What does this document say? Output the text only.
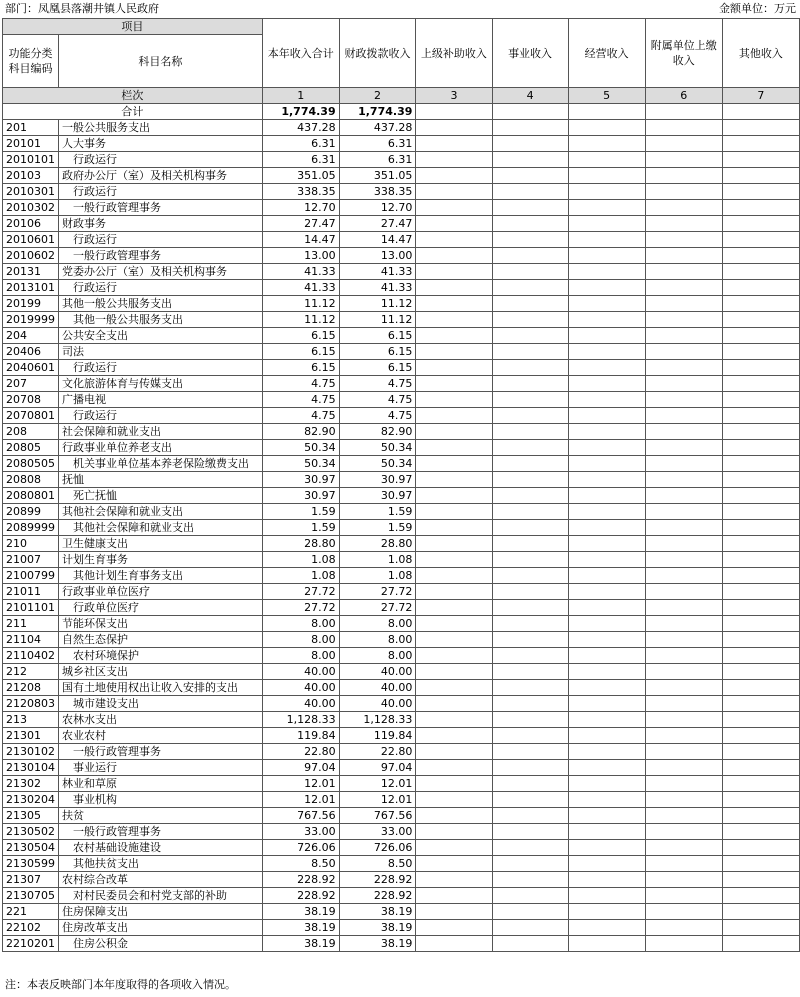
部门：凤凰县落潮井镇人民政府	金额单位：万元
项目		本年收入合计	财政拨款收入	上级补助收入	事业收入	经营收入	附属单位上缴收入	其他收入
功能分类科目编码	科目名称							
栏次		1	2	3	4	5	6	7
合计		1,774.39	1,774.39					
201	一般公共服务支出	437.28	437.28					
20101	人大事务	6.31	6.31					
2010101	行政运行	6.31	6.31					
20103	政府办公厅（室）及相关机构事务	351.05	351.05					
2010301	行政运行	338.35	338.35					
2010302	一般行政管理事务	12.70	12.70					
20106	财政事务	27.47	27.47					
2010601	行政运行	14.47	14.47					
2010602	一般行政管理事务	13.00	13.00					
20131	党委办公厅（室）及相关机构事务	41.33	41.33					
2013101	行政运行	41.33	41.33					
20199	其他一般公共服务支出	11.12	11.12					
2019999	其他一般公共服务支出	11.12	11.12					
204	公共安全支出	6.15	6.15					
20406	司法	6.15	6.15					
2040601	行政运行	6.15	6.15					
207	文化旅游体育与传媒支出	4.75	4.75					
20708	广播电视	4.75	4.75					
2070801	行政运行	4.75	4.75					
208	社会保障和就业支出	82.90	82.90					
20805	行政事业单位养老支出	50.34	50.34					
2080505	机关事业单位基本养老保险缴费支出	50.34	50.34					
20808	抚恤	30.97	30.97					
2080801	死亡抚恤	30.97	30.97					
20899	其他社会保障和就业支出	1.59	1.59					
2089999	其他社会保障和就业支出	1.59	1.59					
210	卫生健康支出	28.80	28.80					
21007	计划生育事务	1.08	1.08					
2100799	其他计划生育事务支出	1.08	1.08					
21011	行政事业单位医疗	27.72	27.72					
2101101	行政单位医疗	27.72	27.72					
211	节能环保支出	8.00	8.00					
21104	自然生态保护	8.00	8.00					
2110402	农村环境保护	8.00	8.00					
212	城乡社区支出	40.00	40.00					
21208	国有土地使用权出让收入安排的支出	40.00	40.00					
2120803	城市建设支出	40.00	40.00					
213	农林水支出	1,128.33	1,128.33					
21301	农业农村	119.84	119.84					
2130102	一般行政管理事务	22.80	22.80					
2130104	事业运行	97.04	97.04					
21302	林业和草原	12.01	12.01					
2130204	事业机构	12.01	12.01					
21305	扶贫	767.56	767.56					
2130502	一般行政管理事务	33.00	33.00					
2130504	农村基础设施建设	726.06	726.06					
2130599	其他扶贫支出	8.50	8.50					
21307	农村综合改革	228.92	228.92					
2130705	对村民委员会和村党支部的补助	228.92	228.92					
221	住房保障支出	38.19	38.19					
22102	住房改革支出	38.19	38.19					
2210201	住房公积金	38.19	38.19					
注：本表反映部门本年度取得的各项收入情况。
